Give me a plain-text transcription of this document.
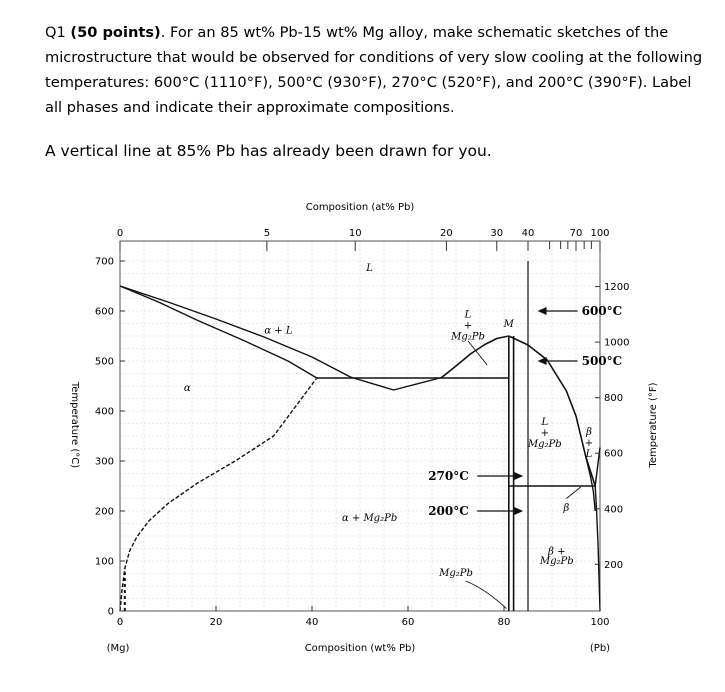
Q1 (50 points). For an 85 wt% Pb-15 wt% Mg alloy, make schematic sketches of the microstructure that would be observed for conditions of very slow cooling at the following temperatures: 600°C (1110°F), 500°C (930°F), 270°C (520°F), and 200°C (390°F). Label all phases and indicate their approximate compositions.
A vertical line at 85% Pb has already been drawn for you.
0	20	40	60	80	100
0	5	10	20	30 40	70 100
0
100
200
300
400
500
600
700
200
400
600
800
1000
1200
L
α + L
α
α + Mg₂Pb
Mg₂Pb
M
β
β +
Mg₂Pb
L
+
Mg₂Pb
L
+
Mg₂Pb
β
+
L
600°C
500°C
270°C
200°C
Composition (at% Pb)
Composition (wt% Pb)
(Mg)	(Pb)
Temperature (°C)	Temperature (°F)
